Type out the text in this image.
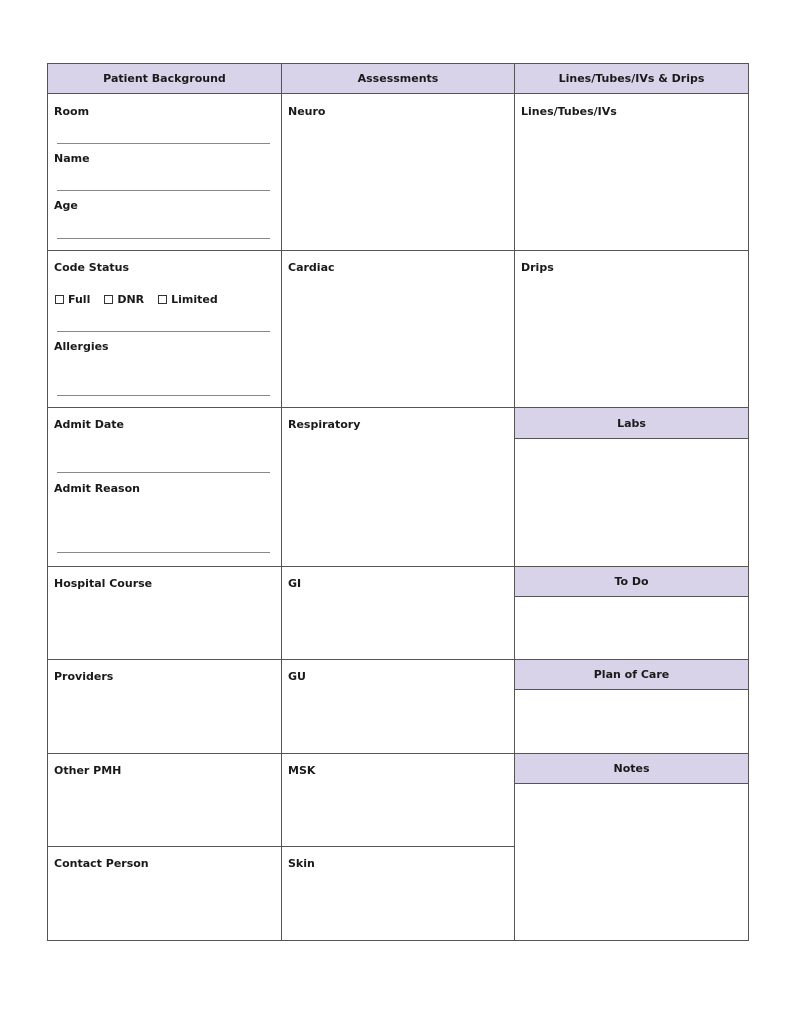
Patient Background	Assessments	Lines/Tubes/IVs & Drips
Labs
To Do
Plan of Care
Notes
Room
Name
Age
Code Status
Full DNR Limited
Allergies
Admit Date
Admit Reason
Hospital Course
Providers
Other PMH
Contact Person
Neuro
Cardiac
Respiratory
GI
GU
MSK
Skin
Lines/Tubes/IVs
Drips
